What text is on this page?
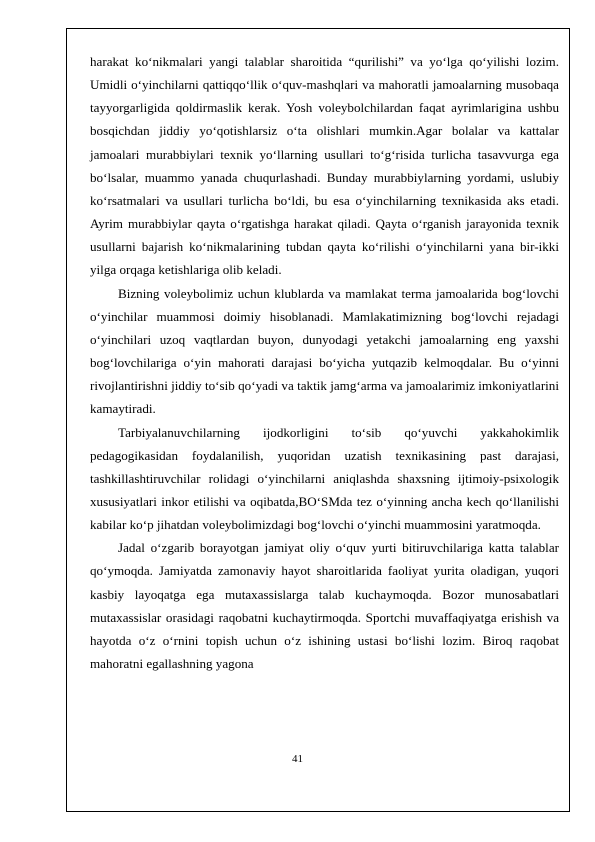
harakat ko‘nikmalari yangi talablar sharoitida “qurilishi” va yo‘lga qo‘yilishi lozim. Umidli o‘yinchilarni qattiqqo‘llik o‘quv-mashqlari va mahoratli jamoalarning musobaqa tayyorgarligida qoldirmaslik kerak. Yosh voleybolchilardan faqat ayrimlarigina ushbu bosqichdan jiddiy yo‘qotishlarsiz o‘ta olishlari mumkin.Agar bolalar va kattalar jamoalari murabbiylari texnik yo‘llarning usullari to‘g‘risida turlicha tasavvurga ega bo‘lsalar, muammo yanada chuqurlashadi. Bunday murabbiylarning yordami, uslubiy ko‘rsatmalari va usullari turlicha bo‘ldi, bu esa o‘yinchilarning texnikasida aks etadi. Ayrim murabbiylar qayta o‘rgatishga harakat qiladi. Qayta o‘rganish jarayonida texnik usullarni bajarish ko‘nikmalarining tubdan qayta ko‘rilishi o‘yinchilarni yana bir-ikki yilga orqaga ketishlariga olib keladi.

Bizning voleybolimiz uchun klublarda va mamlakat terma jamoalarida bog‘lovchi o‘yinchilar muammosi doimiy hisoblanadi. Mamlakatimizning bog‘lovchi rejadagi o‘yinchilari uzoq vaqtlardan buyon, dunyodagi yetakchi jamoalarning eng yaxshi bog‘lovchilariga o‘yin mahorati darajasi bo‘yicha yutqazib kelmoqdalar. Bu o‘yinni rivojlantirishni jiddiy to‘sib qo‘yadi va taktik jamg‘arma va jamoalarimiz imkoniyatlarini kamaytiradi.

Tarbiyalanuvchilarning ijodkorligini to‘sib qo‘yuvchi yakkahokimlik pedagogikasidan foydalanilish, yuqoridan uzatish texnikasining past darajasi, tashkillashtiruvchilar rolidagi o‘yinchilarni aniqlashda shaxsning ijtimoiy-psixologik xususiyatlari inkor etilishi va oqibatda,BO‘SMda tez o‘yinning ancha kech qo‘llanilishi kabilar ko‘p jihatdan voleybolimizdagi bog‘lovchi o‘yinchi muammosini yaratmoqda.

Jadal o‘zgarib borayotgan jamiyat oliy o‘quv yurti bitiruvchilariga katta talablar qo‘ymoqda. Jamiyatda zamonaviy hayot sharoitlarida faoliyat yurita oladigan, yuqori kasbiy layoqatga ega mutaxassislarga talab kuchaymoqda. Bozor munosabatlari mutaxassislar orasidagi raqobatni kuchaytirmoqda. Sportchi muvaffaqiyatga erishish va hayotda o‘z o‘rnini topish uchun o‘z ishining ustasi bo‘lishi lozim. Biroq raqobat mahoratni egallashning yagona

41
